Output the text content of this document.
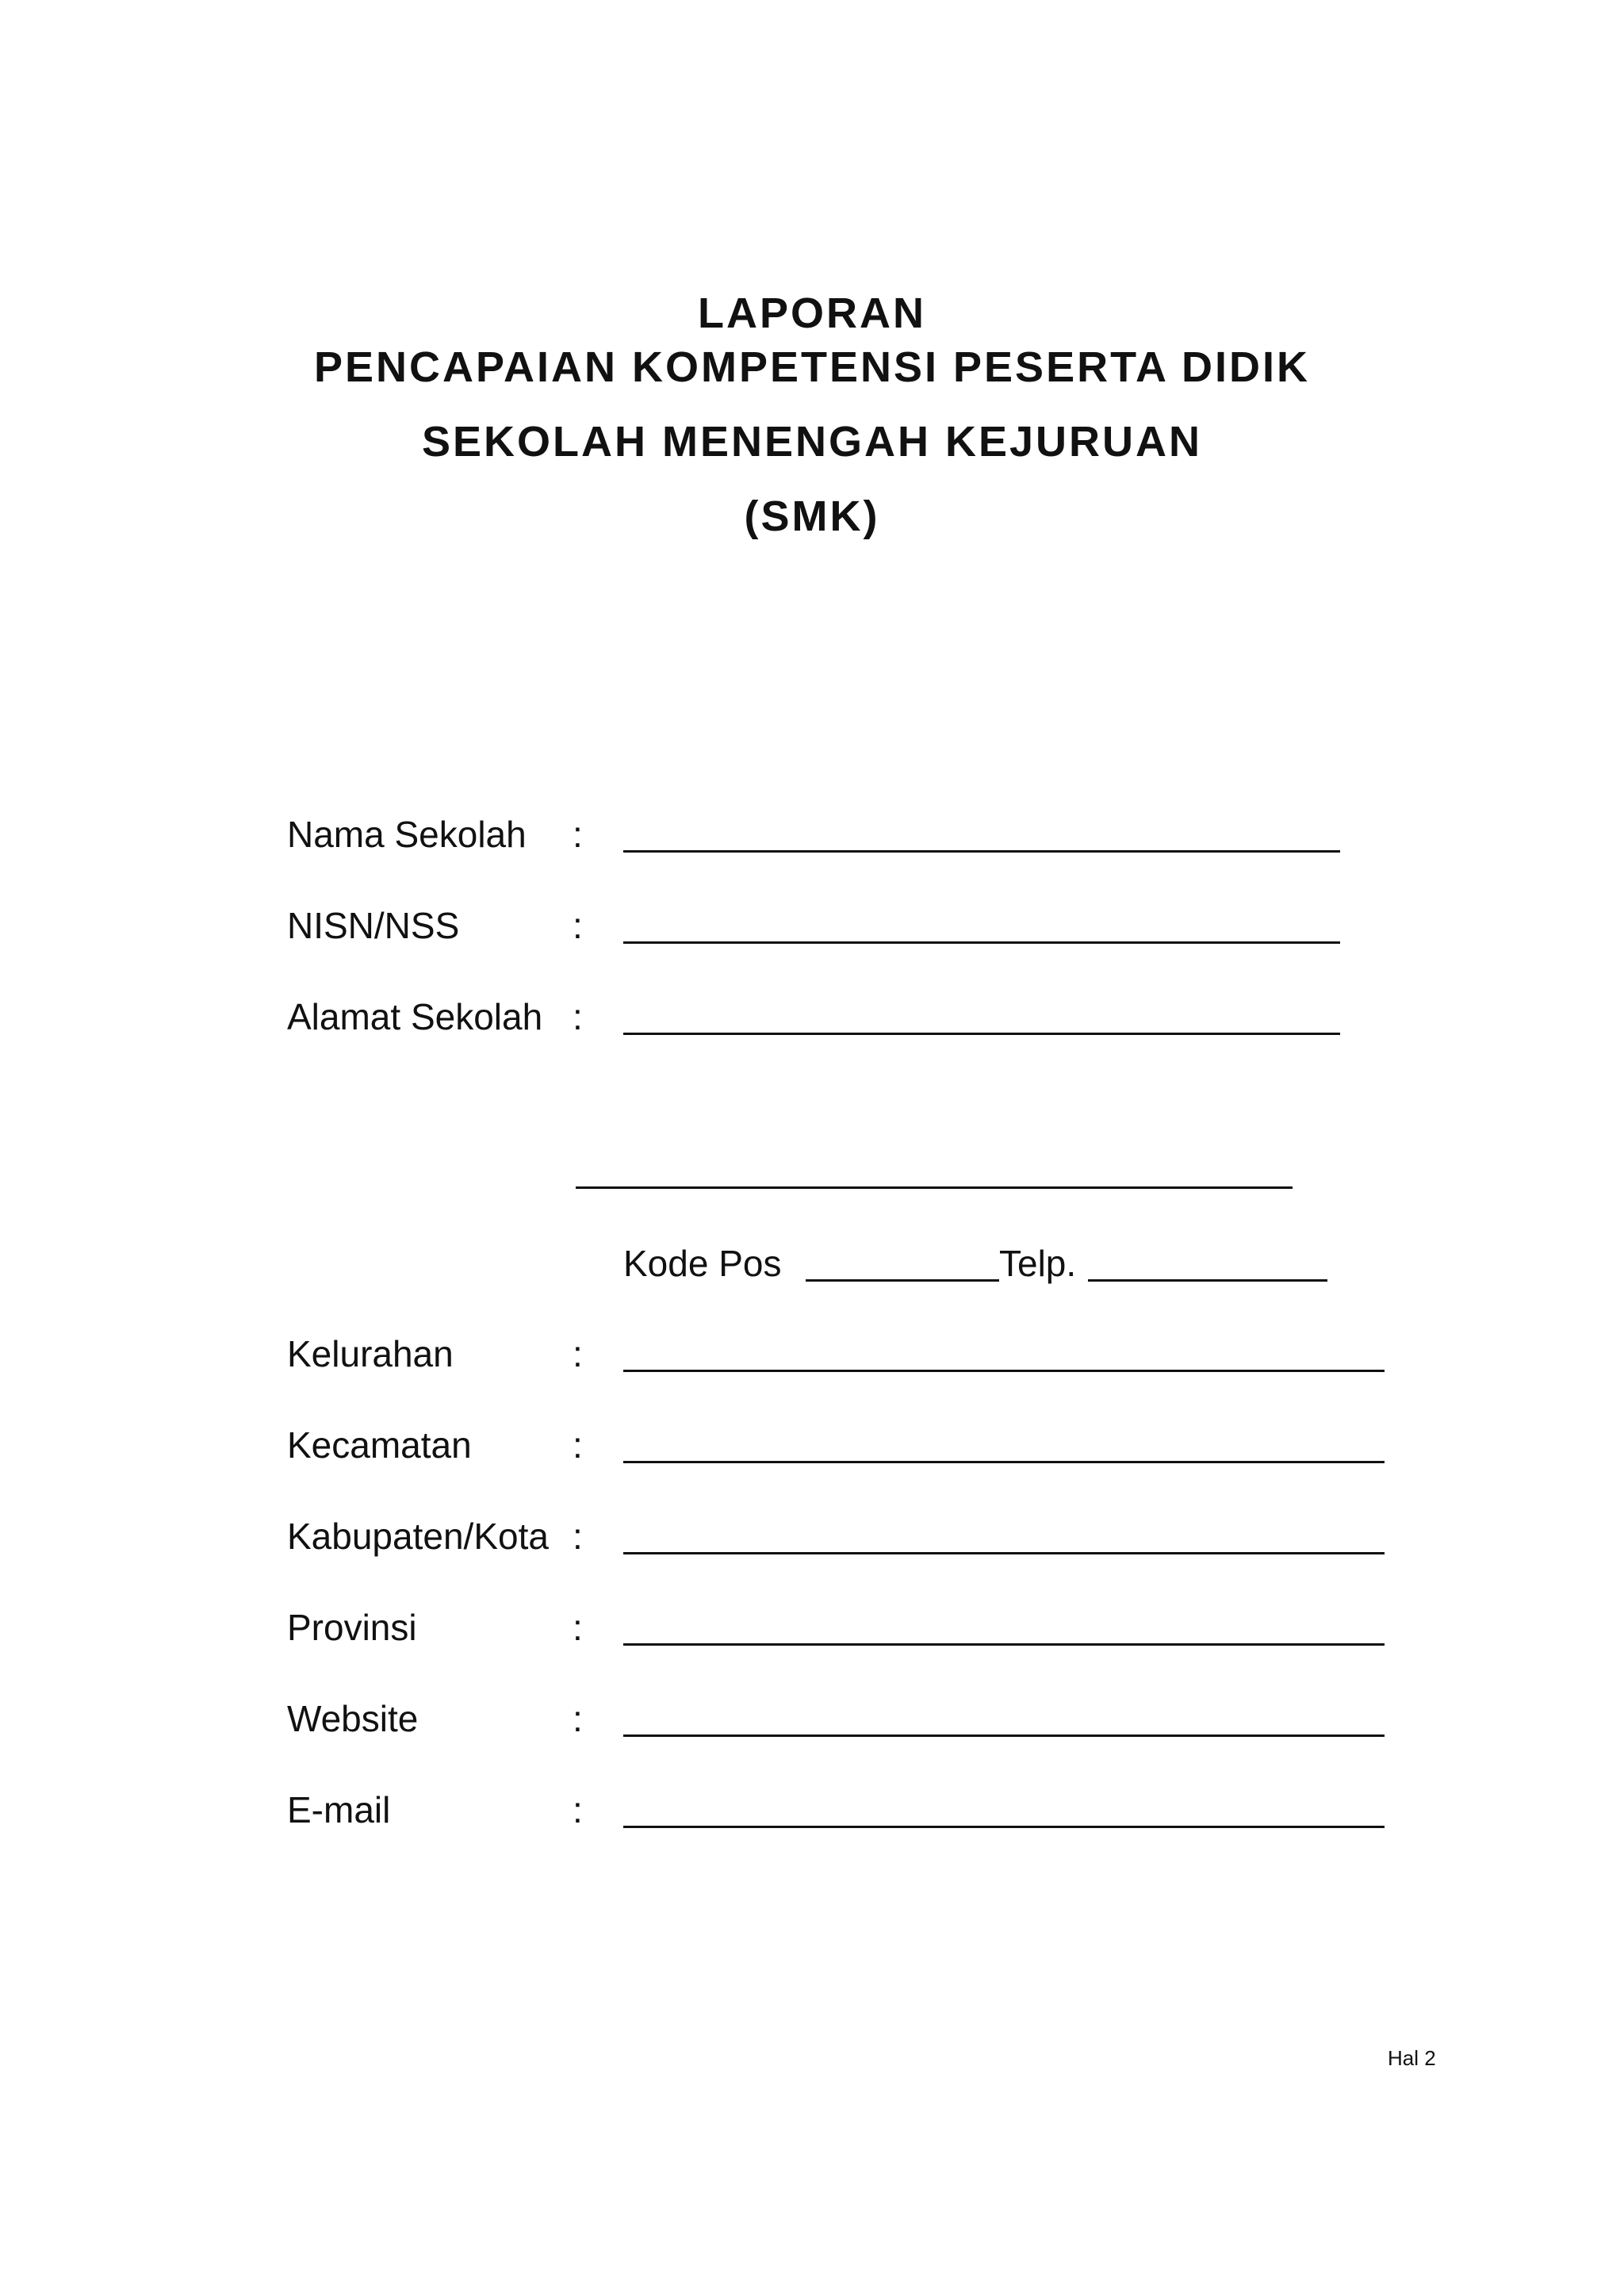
LAPORAN
PENCAPAIAN KOMPETENSI PESERTA DIDIK
SEKOLAH MENENGAH KEJURUAN
(SMK)
Nama Sekolah :
NISN/NSS	:
Alamat Sekolah :
Kode Pos	Telp.
Kelurahan	:
Kecamatan	:
Kabupaten/Kota :
Provinsi	:
Website	:
E-mail	:
Hal 2
